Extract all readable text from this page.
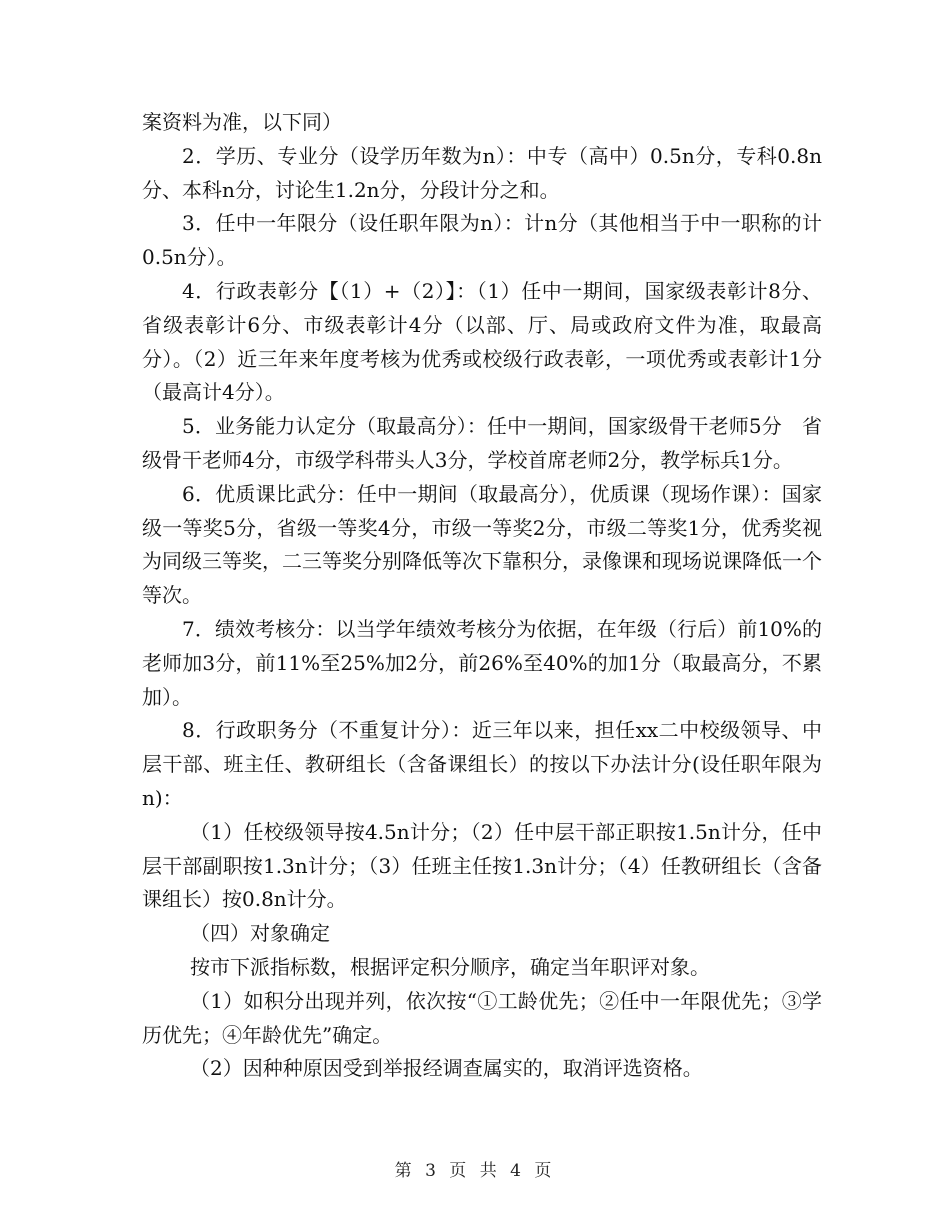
案资料为准，以下同）

2．学历、专业分（设学历年数为n）：中专（高中）0.5n分，专科0.8n分、本科n分，讨论生1.2n分，分段计分之和。

3．任中一年限分（设任职年限为n）：计n分（其他相当于中一职称的计0.5n分）。

4．行政表彰分【（1）+（2）】：（1）任中一期间，国家级表彰计8分、省级表彰计6分、市级表彰计4分（以部、厅、局或政府文件为准，取最高分）。（2）近三年来年度考核为优秀或校级行政表彰，一项优秀或表彰计1分（最高计4分）。

5．业务能力认定分（取最高分）：任中一期间，国家级骨干老师5分　省级骨干老师4分，市级学科带头人3分，学校首席老师2分，教学标兵1分。

6．优质课比武分：任中一期间（取最高分），优质课（现场作课）：国家级一等奖5分，省级一等奖4分，市级一等奖2分，市级二等奖1分，优秀奖视为同级三等奖，二三等奖分别降低等次下靠积分，录像课和现场说课降低一个等次。

7．绩效考核分：以当学年绩效考核分为依据，在年级（行后）前10%的老师加3分，前11%至25%加2分，前26%至40%的加1分（取最高分，不累加）。

8．行政职务分（不重复计分）：近三年以来，担任xx二中校级领导、中层干部、班主任、教研组长（含备课组长）的按以下办法计分(设任职年限为n)：

（1）任校级领导按4.5n计分；（2）任中层干部正职按1.5n计分，任中层干部副职按1.3n计分；（3）任班主任按1.3n计分；（4）任教研组长（含备课组长）按0.8n计分。

（四）对象确定

按市下派指标数，根据评定积分顺序，确定当年职评对象。

（1）如积分出现并列，依次按“①工龄优先；②任中一年限优先；③学历优先；④年龄优先”确定。

（2）因种种原因受到举报经调查属实的，取消评选资格。

第 3 页 共 4 页
